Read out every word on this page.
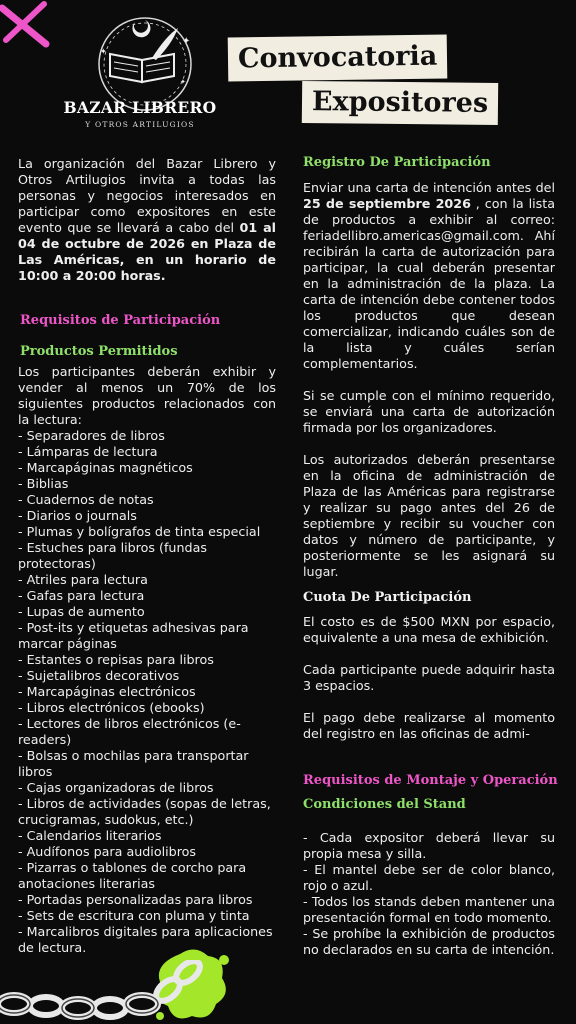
✦
✦
✦
BAZAR LIBRERO
Y OTROS ARTILUGIOS
Convocatoria
Expositores

La organización del Bazar Librero y Otros Artilugios invita a todas las personas y negocios interesados en participar como expositores en este evento que se llevará a cabo del 01 al 04 de octubre de 2026 en Plaza de Las Américas, en un horario de 10:00 a 20:00 horas.

Requisitos de Participación
Productos Permitidos

Los participantes deberán exhibir y vender al menos un 70% de los siguientes productos relacionados con la lectura:

- Separadores de libros
- Lámparas de lectura
- Marcapáginas magnéticos
- Biblias
- Cuadernos de notas
- Diarios o journals
- Plumas y bolígrafos de tinta especial
- Estuches para libros (fundas protectoras)
- Atriles para lectura
- Gafas para lectura
- Lupas de aumento
- Post-its y etiquetas adhesivas para marcar páginas
- Estantes o repisas para libros
- Sujetalibros decorativos
- Marcapáginas electrónicos
- Libros electrónicos (ebooks)
- Lectores de libros electrónicos (e-readers)
- Bolsas o mochilas para transportar libros
- Cajas organizadoras de libros
- Libros de actividades (sopas de letras, crucigramas, sudokus, etc.)
- Calendarios literarios
- Audífonos para audiolibros
- Pizarras o tablones de corcho para anotaciones literarias
- Portadas personalizadas para libros
- Sets de escritura con pluma y tinta
- Marcalibros digitales para aplicaciones de lectura.
Registro De Participación

Enviar una carta de intención antes del 25 de septiembre 2026 , con la lista de productos a exhibir al correo: feriadellibro.americas@gmail.com. Ahí recibirán la carta de autorización para participar, la cual deberán presentar en la administración de la plaza. La carta de intención debe contener todos los productos que desean comercializar, indicando cuáles son de la lista y cuáles serían complementarios.

Si se cumple con el mínimo requerido, se enviará una carta de autorización firmada por los organizadores.

Los autorizados deberán presentarse en la oficina de administración de Plaza de las Américas para registrarse y realizar su pago antes del 26 de septiembre y recibir su voucher con datos y número de participante, y posteriormente se les asignará su lugar.

Cuota De Participación

El costo es de $500 MXN por espacio, equivalente a una mesa de exhibición.

Cada participante puede adquirir hasta 3 espacios.

El pago debe realizarse al momento del registro en las oficinas de admi-

Requisitos de Montaje y Operación
Condiciones del Stand
- Cada expositor deberá llevar su propia mesa y silla.
- El mantel debe ser de color blanco, rojo o azul.
- Todos los stands deben mantener una presentación formal en todo momento.
- Se prohíbe la exhibición de productos no declarados en su carta de intención.
